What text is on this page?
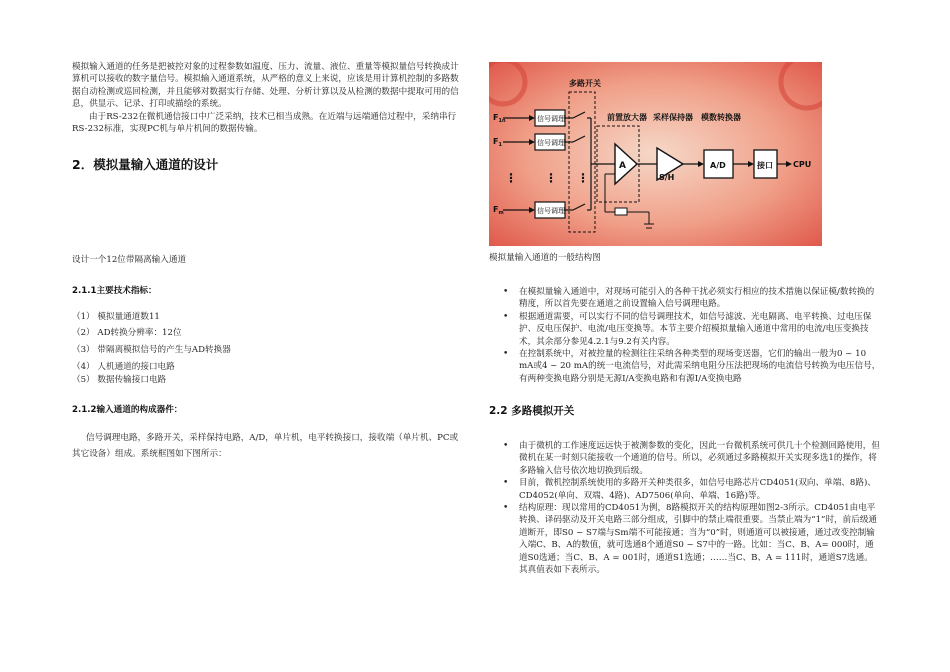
模拟输入通道的任务是把被控对象的过程参数如温度、压力、流量、液位、重量等模拟量信号转换成计算机可以接收的数字量信号。模拟输入通道系统，从严格的意义上来说，应该是用计算机控制的多路数据自动检测或巡回检测，并且能够对数据实行存储、处理、分析计算以及从检测的数据中提取可用的信息，供显示、记录、打印或描绘的系统。

由于RS-232在微机通信接口中广泛采纳，技术已相当成熟。在近端与远端通信过程中，采纳串行RS-232标准，实现PC机与单片机间的数据传输。

2．模拟量输入通道的设计

设计一个12位带隔离输入通道

2.1.1主要技术指标：
（1） 模拟量通道数11
（2） AD转换分辨率：12位
（3） 带隔离模拟信号的产生与AD转换器
（4） 人机通道的接口电路
（5） 数据传输接口电路
2.1.2输入通道的构成器件：

信号调理电路，多路开关，采样保持电路，A/D，单片机，电平转换接口，接收端（单片机、PC或其它设备）组成。系统框图如下图所示：

多路开关
前置放大器 采样保持器 模数转换器
$F_{1n}$
$F_1$
$F_m$
信号调理
信号调理
信号调理
⋮ ⋮ ⋮
A
S/H
A/D	接口	CPU
模拟量输入通道的一般结构图
• 在模拟量输入通道中，对现场可能引入的各种干扰必须实行相应的技术措施以保证模/数转换的精度，所以首先要在通道之前设置输入信号调理电路。
• 根据通道需要，可以实行不同的信号调理技术，如信号滤波、光电隔离、电平转换、过电压保护、反电压保护、电流/电压变换等。本节主要介绍模拟量输入通道中常用的电流/电压变换技术，其余部分参见4.2.1与9.2有关内容。
• 在控制系统中，对被控量的检测往往采纳各种类型的现场变送器，它们的输出一般为0 ~ 10 mA或4 ~ 20 mA的统一电流信号，对此需采纳电阻分压法把现场的电流信号转换为电压信号，有两种变换电路分别是无源I/A变换电路和有源I/A变换电路
2.2 多路模拟开关
• 由于微机的工作速度远远快于被测参数的变化，因此一台微机系统可供几十个检测回路使用，但微机在某一时刻只能接收一个通道的信号。所以，必须通过多路模拟开关实现多选1的操作，将多路输入信号依次地切换到后级。
• 目前，微机控制系统使用的多路开关种类很多，如信号电路芯片CD4051(双向、单端、8路)、CD4052(单向、双端、4路)、AD7506(单向、单端、16路)等。
• 结构原理：现以常用的CD4051为例，8路模拟开关的结构原理如图2-3所示。CD4051由电平转换、译码驱动及开关电路三部分组成，引脚中的禁止端很重要。当禁止端为“1”时，前后级通道断开，即S0 ~ S7端与Sm端不可能接通；当为“0”时，则通道可以被接通，通过改变控制输入端C、B、A的数值，就可选通8个通道S0 ~ S7中的一路。比如：当C、B、A= 000时，通道S0选通；当C、B、A = 001时，通道S1选通；……当C、B、A = 111时，通道S7选通。其真值表如下表所示。
